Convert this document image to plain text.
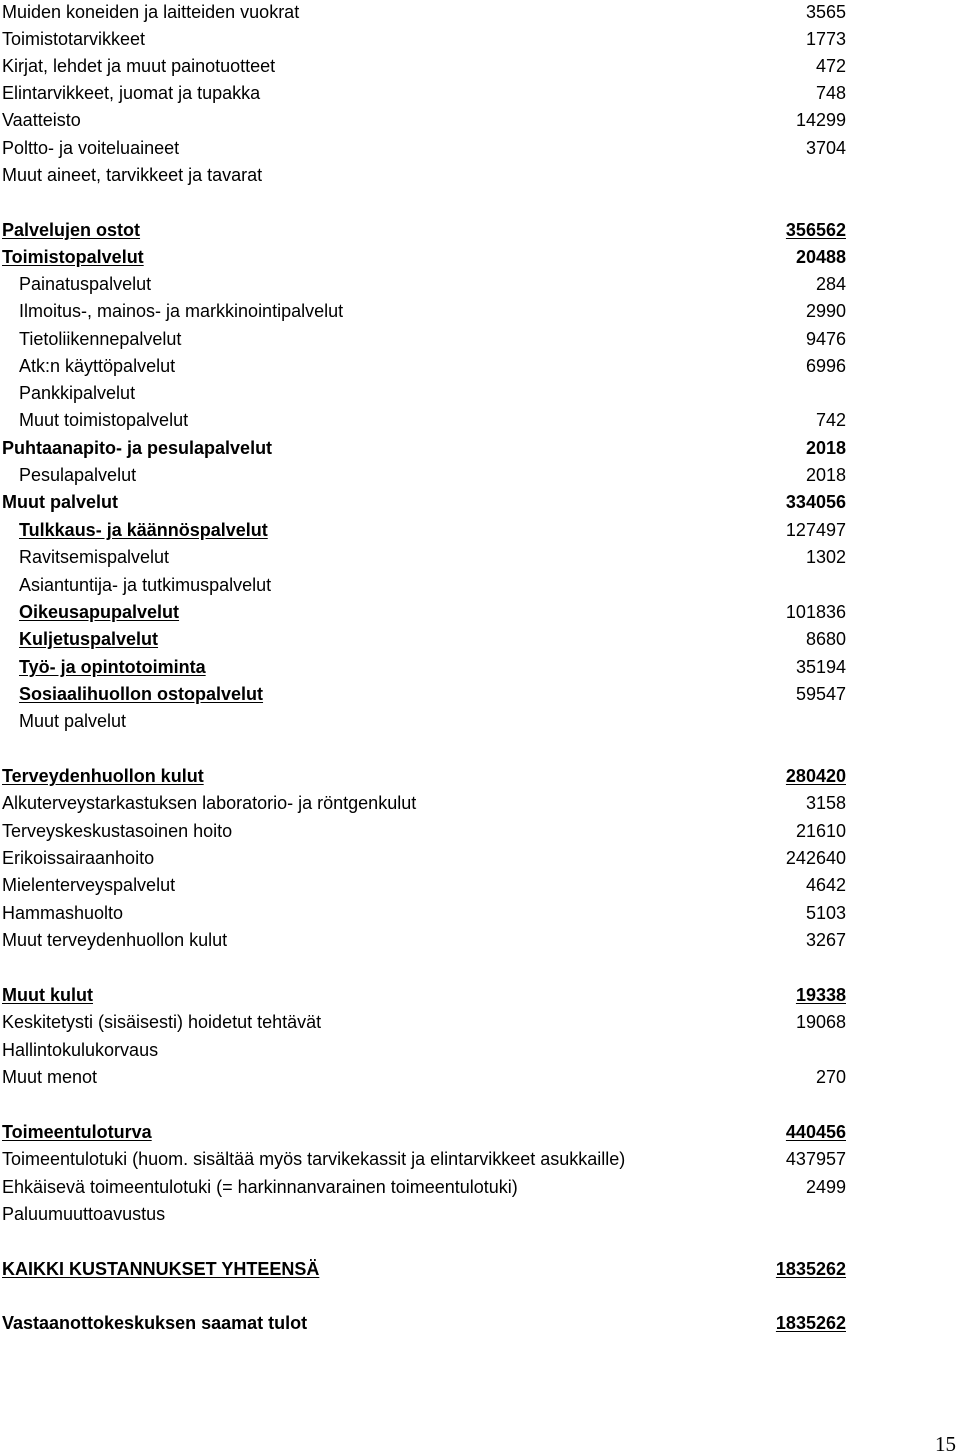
Muiden koneiden ja laitteiden vuokrat	3565
Toimistotarvikkeet	1773
Kirjat, lehdet ja muut painotuotteet	472
Elintarvikkeet, juomat ja tupakka	748
Vaatteisto	14299
Poltto- ja voiteluaineet	3704
Muut aineet, tarvikkeet ja tavarat
Palvelujen ostot	356562
Toimistopalvelut	20488
Painatuspalvelut	284
Ilmoitus-, mainos- ja markkinointipalvelut	2990
Tietoliikennepalvelut	9476
Atk:n käyttöpalvelut	6996
Pankkipalvelut
Muut toimistopalvelut	742
Puhtaanapito- ja pesulapalvelut	2018
Pesulapalvelut	2018
Muut palvelut	334056
Tulkkaus- ja käännöspalvelut	127497
Ravitsemispalvelut	1302
Asiantuntija- ja tutkimuspalvelut
Oikeusapupalvelut	101836
Kuljetuspalvelut	8680
Työ- ja opintotoiminta	35194
Sosiaalihuollon ostopalvelut	59547
Muut palvelut
Terveydenhuollon kulut	280420
Alkuterveystarkastuksen laboratorio- ja röntgenkulut	3158
Terveyskeskustasoinen hoito	21610
Erikoissairaanhoito	242640
Mielenterveyspalvelut	4642
Hammashuolto	5103
Muut terveydenhuollon kulut	3267
Muut kulut	19338
Keskitetysti (sisäisesti) hoidetut tehtävät	19068
Hallintokulukorvaus
Muut menot	270
Toimeentuloturva	440456
Toimeentulotuki (huom. sisältää myös tarvikekassit ja elintarvikkeet asukkaille)	437957
Ehkäisevä toimeentulotuki (= harkinnanvarainen toimeentulotuki)	2499
Paluumuuttoavustus
KAIKKI KUSTANNUKSET YHTEENSÄ	1835262
Vastaanottokeskuksen saamat tulot	1835262
15
